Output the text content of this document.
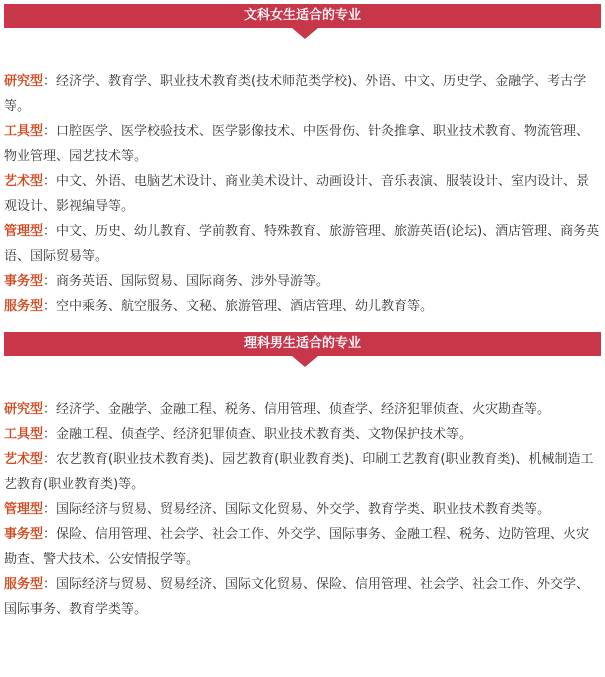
文科女生适合的专业

研究型：经济学、教育学、职业技术教育类(技术师范类学校)、外语、中文、历史学、金融学、考古学等。

工具型：口腔医学、医学校验技术、医学影像技术、中医骨伤、针灸推拿、职业技术教育、物流管理、物业管理、园艺技术等。

艺术型：中文、外语、电脑艺术设计、商业美术设计、动画设计、音乐表演、服装设计、室内设计、景观设计、影视编导等。

管理型：中文、历史、幼儿教育、学前教育、特殊教育、旅游管理、旅游英语(论坛)、酒店管理、商务英语、国际贸易等。

事务型：商务英语、国际贸易、国际商务、涉外导游等。

服务型：空中乘务、航空服务、文秘、旅游管理、酒店管理、幼儿教育等。

理科男生适合的专业

研究型：经济学、金融学、金融工程、税务、信用管理、侦查学、经济犯罪侦查、火灾勘查等。

工具型：金融工程、侦查学、经济犯罪侦查、职业技术教育类、文物保护技术等。

艺术型：农艺教育(职业技术教育类)、园艺教育(职业教育类)、印刷工艺教育(职业教育类)、机械制造工艺教育(职业教育类)等。

管理型：国际经济与贸易、贸易经济、国际文化贸易、外交学、教育学类、职业技术教育类等。

事务型：保险、信用管理、社会学、社会工作、外交学、国际事务、金融工程、税务、边防管理、火灾勘查、警犬技术、公安情报学等。

服务型：国际经济与贸易、贸易经济、国际文化贸易、保险、信用管理、社会学、社会工作、外交学、国际事务、教育学类等。
